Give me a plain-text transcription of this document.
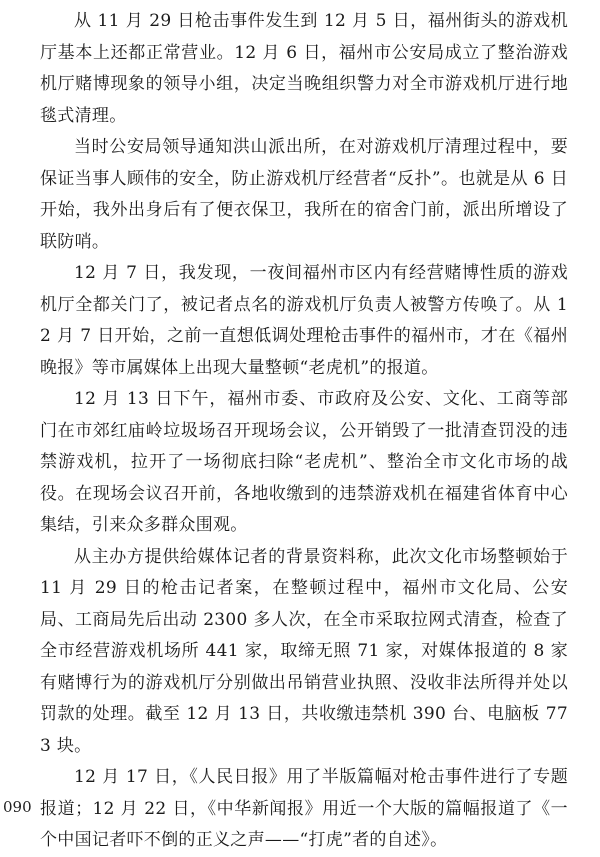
从 11 月 29 日枪击事件发生到 12 月 5 日，福州街头的游戏机厅基本上还都正常营业。12 月 6 日，福州市公安局成立了整治游戏机厅赌博现象的领导小组，决定当晚组织警力对全市游戏机厅进行地毯式清理。

当时公安局领导通知洪山派出所，在对游戏机厅清理过程中，要保证当事人顾伟的安全，防止游戏机厅经营者“反扑”。也就是从 6 日开始，我外出身后有了便衣保卫，我所在的宿舍门前，派出所增设了联防哨。

12 月 7 日，我发现，一夜间福州市区内有经营赌博性质的游戏机厅全都关门了，被记者点名的游戏机厅负责人被警方传唤了。从 12 月 7 日开始，之前一直想低调处理枪击事件的福州市，才在《福州晚报》等市属媒体上出现大量整顿“老虎机”的报道。

12 月 13 日下午，福州市委、市政府及公安、文化、工商等部门在市郊红庙岭垃圾场召开现场会议，公开销毁了一批清查罚没的违禁游戏机，拉开了一场彻底扫除“老虎机”、整治全市文化市场的战役。在现场会议召开前，各地收缴到的违禁游戏机在福建省体育中心集结，引来众多群众围观。

从主办方提供给媒体记者的背景资料称，此次文化市场整顿始于 11 月 29 日的枪击记者案，在整顿过程中，福州市文化局、公安局、工商局先后出动 2300 多人次，在全市采取拉网式清查，检查了全市经营游戏机场所 441 家，取缔无照 71 家，对媒体报道的 8 家有赌博行为的游戏机厅分别做出吊销营业执照、没收非法所得并处以罚款的处理。截至 12 月 13 日，共收缴违禁机 390 台、电脑板 773 块。

12 月 17 日，《人民日报》用了半版篇幅对枪击事件进行了专题报道；12 月 22 日，《中华新闻报》用近一个大版的篇幅报道了《一个中国记者吓不倒的正义之声——“打虎”者的自述》。

090
